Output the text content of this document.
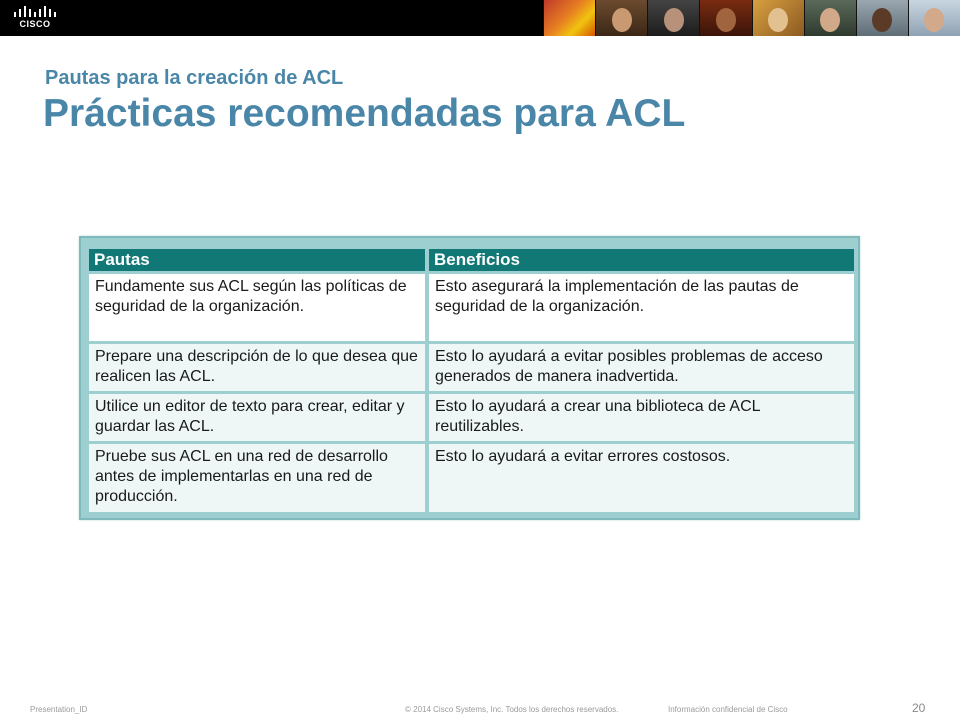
CISCO
Pautas para la creación de ACL
Prácticas recomendadas para ACL
Pautas	Beneficios
Fundamente sus ACL según las políticas de seguridad de la organización.	Esto asegurará la implementación de las pautas de seguridad de la organización.
Prepare una descripción de lo que desea que realicen las ACL.	Esto lo ayudará a evitar posibles problemas de acceso generados de manera inadvertida.
Utilice un editor de texto para crear, editar y guardar las ACL.	Esto lo ayudará a crear una biblioteca de ACL reutilizables.
Pruebe sus ACL en una red de desarrollo antes de implementarlas en una red de producción.	Esto lo ayudará a evitar errores costosos.
Presentation_ID	© 2014 Cisco Systems, Inc. Todos los derechos reservados.	Información confidencial de Cisco	20
